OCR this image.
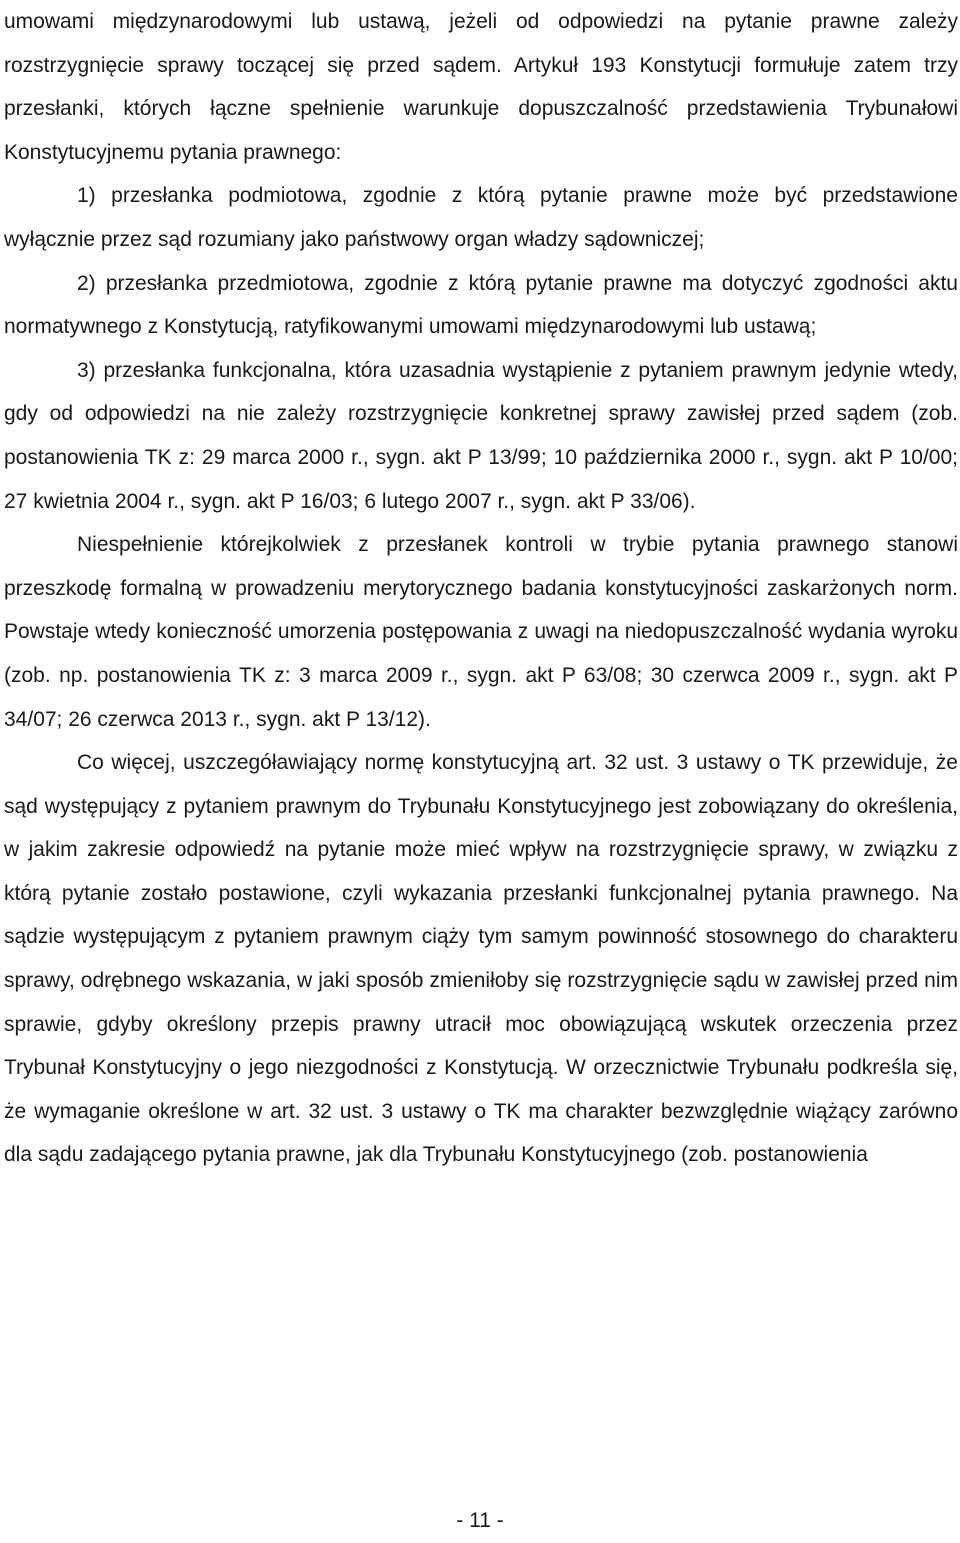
umowami międzynarodowymi lub ustawą, jeżeli od odpowiedzi na pytanie prawne zależy rozstrzygnięcie sprawy toczącej się przed sądem. Artykuł 193 Konstytucji formułuje zatem trzy przesłanki, których łączne spełnienie warunkuje dopuszczalność przedstawienia Trybunałowi Konstytucyjnemu pytania prawnego:

1) przesłanka podmiotowa, zgodnie z którą pytanie prawne może być przedstawione wyłącznie przez sąd rozumiany jako państwowy organ władzy sądowniczej;

2) przesłanka przedmiotowa, zgodnie z którą pytanie prawne ma dotyczyć zgodności aktu normatywnego z Konstytucją, ratyfikowanymi umowami międzynarodowymi lub ustawą;

3) przesłanka funkcjonalna, która uzasadnia wystąpienie z pytaniem prawnym jedynie wtedy, gdy od odpowiedzi na nie zależy rozstrzygnięcie konkretnej sprawy zawisłej przed sądem (zob. postanowienia TK z: 29 marca 2000 r., sygn. akt P 13/99; 10 października 2000 r., sygn. akt P 10/00; 27 kwietnia 2004 r., sygn. akt P 16/03; 6 lutego 2007 r., sygn. akt P 33/06).

Niespełnienie którejkolwiek z przesłanek kontroli w trybie pytania prawnego stanowi przeszkodę formalną w prowadzeniu merytorycznego badania konstytucyjności zaskarżonych norm. Powstaje wtedy konieczność umorzenia postępowania z uwagi na niedopuszczalność wydania wyroku (zob. np. postanowienia TK z: 3 marca 2009 r., sygn. akt P 63/08; 30 czerwca 2009 r., sygn. akt P 34/07; 26 czerwca 2013 r., sygn. akt P 13/12).

Co więcej, uszczegóławiający normę konstytucyjną art. 32 ust. 3 ustawy o TK przewiduje, że sąd występujący z pytaniem prawnym do Trybunału Konstytucyjnego jest zobowiązany do określenia, w jakim zakresie odpowiedź na pytanie może mieć wpływ na rozstrzygnięcie sprawy, w związku z którą pytanie zostało postawione, czyli wykazania przesłanki funkcjonalnej pytania prawnego. Na sądzie występującym z pytaniem prawnym ciąży tym samym powinność stosownego do charakteru sprawy, odrębnego wskazania, w jaki sposób zmieniłoby się rozstrzygnięcie sądu w zawisłej przed nim sprawie, gdyby określony przepis prawny utracił moc obowiązującą wskutek orzeczenia przez Trybunał Konstytucyjny o jego niezgodności z Konstytucją. W orzecznictwie Trybunału podkreśla się, że wymaganie określone w art. 32 ust. 3 ustawy o TK ma charakter bezwzględnie wiążący zarówno dla sądu zadającego pytania prawne, jak dla Trybunału Konstytucyjnego (zob. postanowienia

- 11 -
